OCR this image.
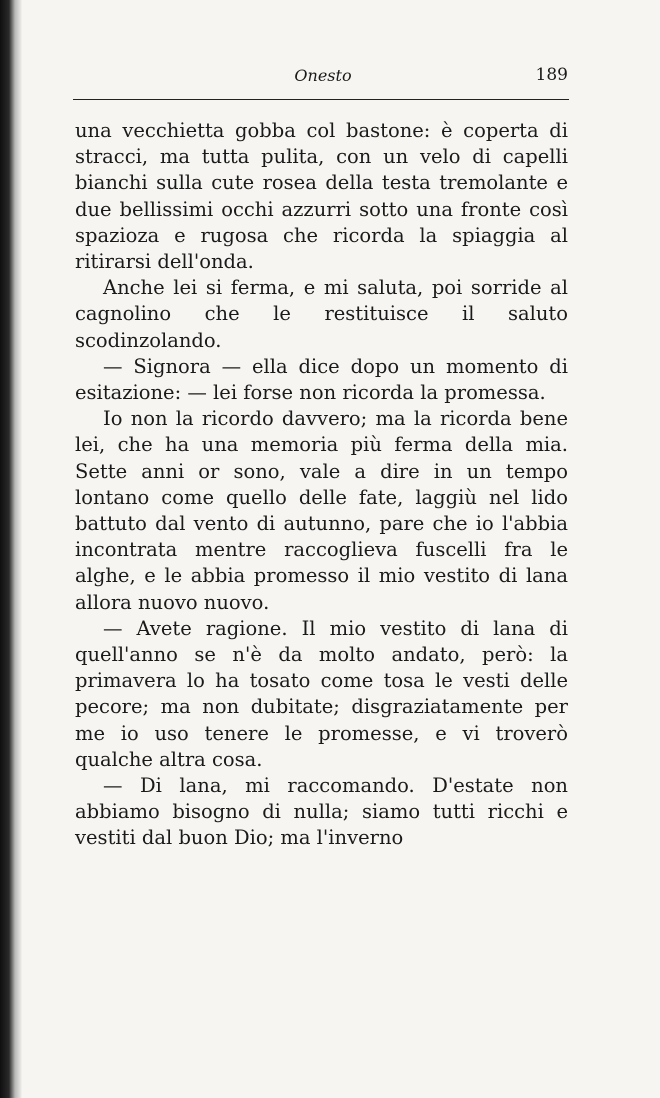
Onesto	189

una vecchietta gobba col bastone: è coperta di stracci, ma tutta pulita, con un velo di capelli bianchi sulla cute rosea della testa tremolante e due bellissimi occhi azzurri sotto una fronte così spazioza e rugosa che ricorda la spiaggia al ritirarsi dell'onda.

Anche lei si ferma, e mi saluta, poi sorride al cagnolino che le restituisce il saluto scodinzolando.

— Signora — ella dice dopo un momento di esitazione: — lei forse non ricorda la promessa.

Io non la ricordo davvero; ma la ricorda bene lei, che ha una memoria più ferma della mia. Sette anni or sono, vale a dire in un tempo lontano come quello delle fate, laggiù nel lido battuto dal vento di autunno, pare che io l'abbia incontrata mentre raccoglieva fuscelli fra le alghe, e le abbia promesso il mio vestito di lana allora nuovo nuovo.

— Avete ragione. Il mio vestito di lana di quell'anno se n'è da molto andato, però: la primavera lo ha tosato come tosa le vesti delle pecore; ma non dubitate; disgraziatamente per me io uso tenere le promesse, e vi troverò qualche altra cosa.

— Di lana, mi raccomando. D'estate non abbiamo bisogno di nulla; siamo tutti ricchi e vestiti dal buon Dio; ma l'inverno
